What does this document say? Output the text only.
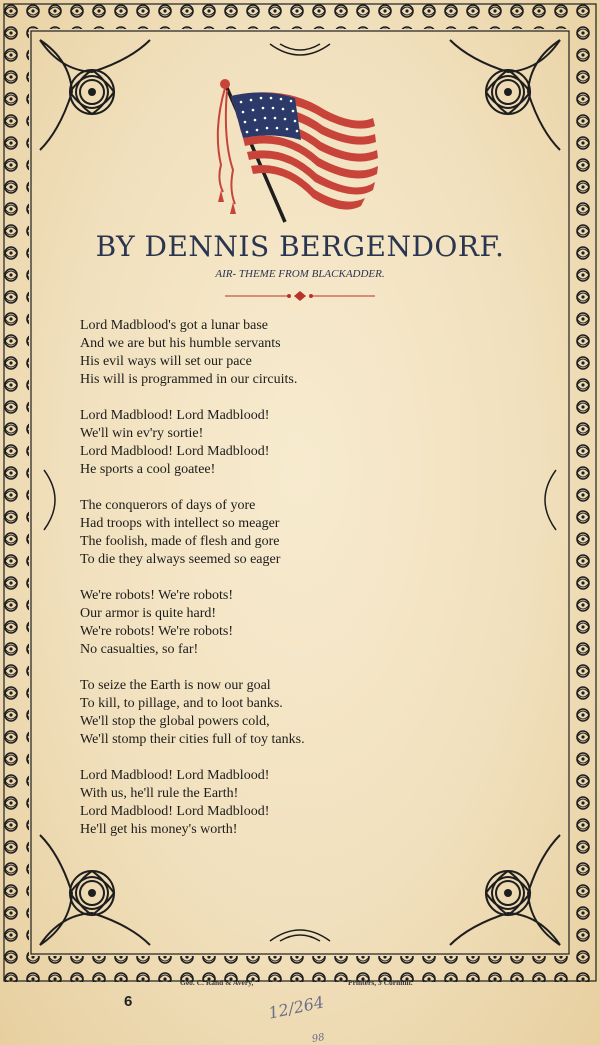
BY DENNIS BERGENDORF.
AIR- THEME FROM BLACKADDER.
Lord Madblood's got a lunar base
And we are but his humble servants
His evil ways will set our pace
His will is programmed in our circuits.
Lord Madblood! Lord Madblood!
We'll win ev'ry sortie!
Lord Madblood! Lord Madblood!
He sports a cool goatee!
The conquerors of days of yore
Had troops with intellect so meager
The foolish, made of flesh and gore
To die they always seemed so eager
We're robots! We're robots!
Our armor is quite hard!
We're robots! We're robots!
No casualties, so far!
To seize the Earth is now our goal
To kill, to pillage, and to loot banks.
We'll stop the global powers cold,
We'll stomp their cities full of toy tanks.
Lord Madblood! Lord Madblood!
With us, he'll rule the Earth!
Lord Madblood! Lord Madblood!
He'll get his money's worth!
Geo. C. Rand & Avery,	Printers, 3 Cornhill.
6	12/264
98
